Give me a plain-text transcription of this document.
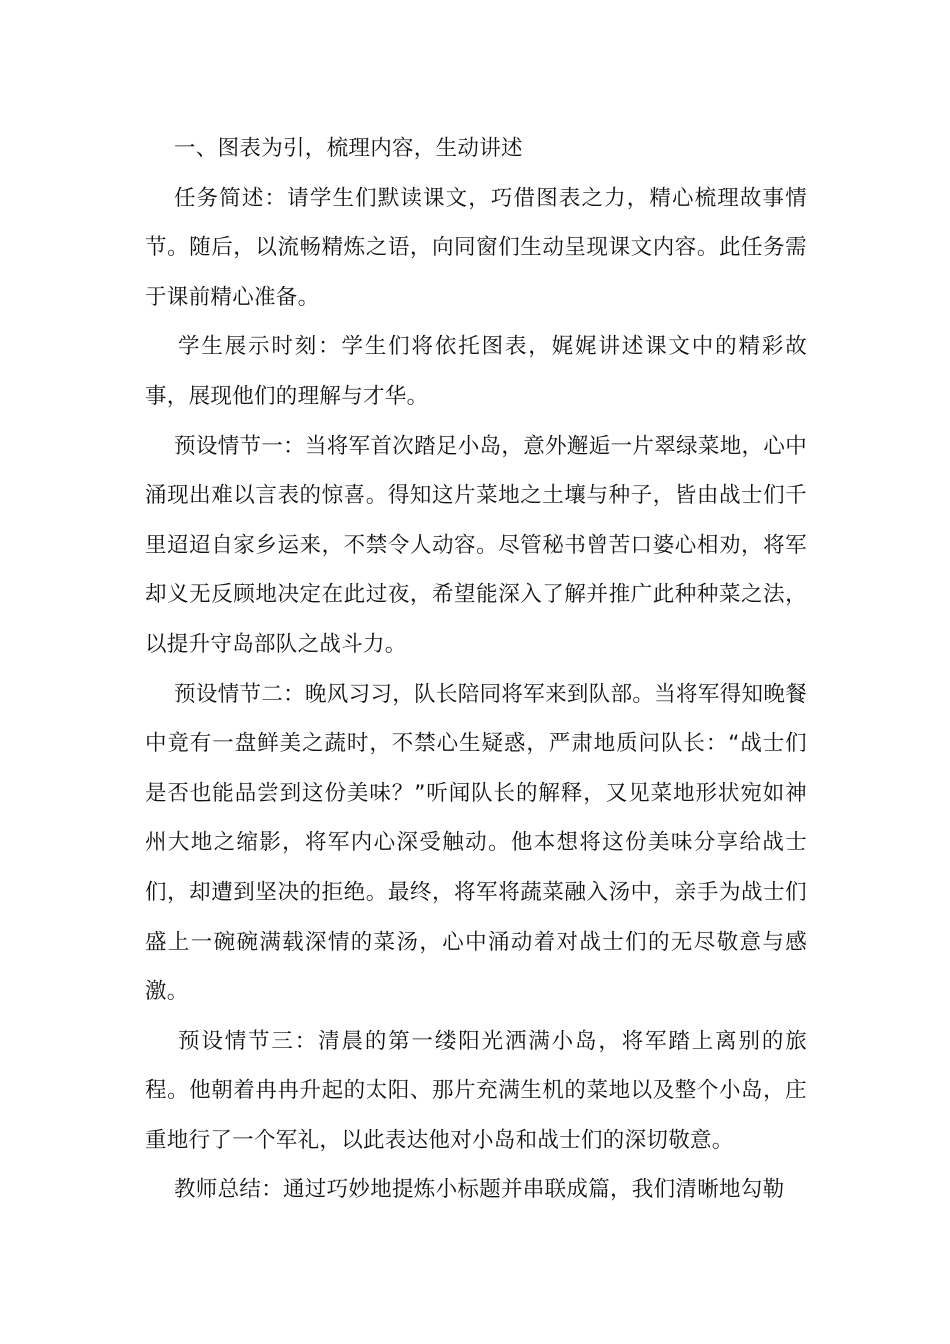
一、图表为引，梳理内容，生动讲述

任务简述：请学生们默读课文，巧借图表之力，精心梳理故事情节。随后，以流畅精炼之语，向同窗们生动呈现课文内容。此任务需于课前精心准备。

学生展示时刻：学生们将依托图表，娓娓讲述课文中的精彩故事，展现他们的理解与才华。

预设情节一：当将军首次踏足小岛，意外邂逅一片翠绿菜地，心中涌现出难以言表的惊喜。得知这片菜地之土壤与种子，皆由战士们千里迢迢自家乡运来，不禁令人动容。尽管秘书曾苦口婆心相劝，将军却义无反顾地决定在此过夜，希望能深入了解并推广此种种菜之法，以提升守岛部队之战斗力。

预设情节二：晚风习习，队长陪同将军来到队部。当将军得知晚餐中竟有一盘鲜美之蔬时，不禁心生疑惑，严肃地质问队长：“战士们是否也能品尝到这份美味？”听闻队长的解释，又见菜地形状宛如神州大地之缩影，将军内心深受触动。他本想将这份美味分享给战士们，却遭到坚决的拒绝。最终，将军将蔬菜融入汤中，亲手为战士们盛上一碗碗满载深情的菜汤，心中涌动着对战士们的无尽敬意与感激。

预设情节三：清晨的第一缕阳光洒满小岛，将军踏上离别的旅程。他朝着冉冉升起的太阳、那片充满生机的菜地以及整个小岛，庄重地行了一个军礼，以此表达他对小岛和战士们的深切敬意。

教师总结：通过巧妙地提炼小标题并串联成篇，我们清晰地勾勒
